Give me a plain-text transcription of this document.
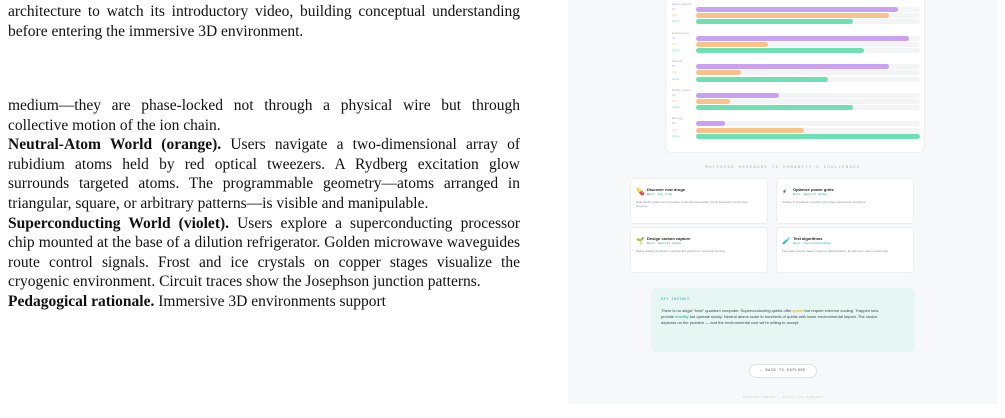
architecture to watch its introductory video, building conceptual understanding before entering the immersive 3D environment.

medium—they are phase-locked not through a physical wire but through collective motion of the ion chain.

Neutral-Atom World (orange). Users navigate a two-dimensional array of rubidium atoms held by red optical tweezers. A Rydberg excitation glow surrounds targeted atoms. The programmable geometry—atoms arranged in triangular, square, or arbitrary patterns—is visible and manipulable.

Superconducting World (violet). Users explore a superconducting processor chip mounted at the base of a dilution refrigerator. Golden microwave waveguides route control signals. Frost and ice crystals on copper stages visualize the cryogenic environment. Circuit traces show the Josephson junction patterns.

Pedagogical rationale. Immersive 3D environments support

Gate fidelity
SC
Ion
Atom
Coherence
SC
Ion
Atom
Speed
SC
Ion
Atom
Qubit count
SC
Ion
Atom
Energy
SC
Ion
Atom
MATCHING HARDWARE TO HUMANITY'S CHALLENGES
💊 Discover new drugs
Best: Ion trap
High-fidelity gates let us simulate molecules accurately, but limited qubit counts slow progress.
⚡ Optimize power grids
Best: Neutral atoms
Scaling to hundreds of qubits suits large optimization problems.
🌱 Design carbon capture
Best: Neutral atoms
Native analog simulation matches the physics of molecular binding.
🧪 Test algorithms
Best: Superconducting
Fast gate speeds make it ideal for rapid iteration, though error rates remain high.
KEY INSIGHT
There is no single "best" quantum computer. Superconducting qubits offer speed but require extreme cooling. Trapped ions provide stability but operate slowly. Neutral atoms scale to hundreds of qubits with lower environmental impact. The choice depends on the problem — and the environmental cost we're willing to accept.
← BACK TO EXPLORE
QUANTUM WORLDS · BUILT FOR INQUIRY
